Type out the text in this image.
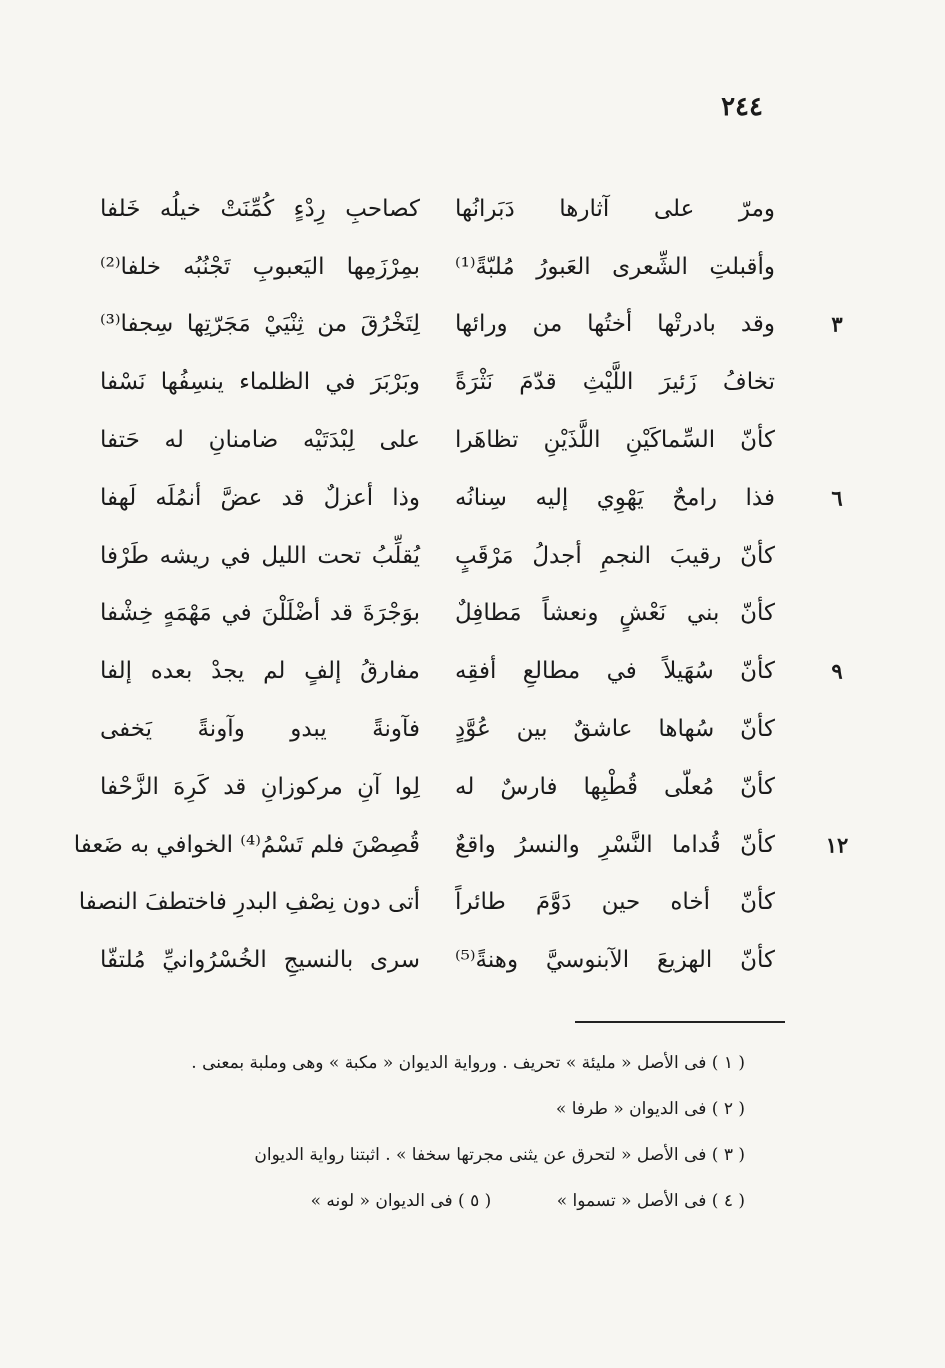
٢٤٤
ومرّ على آثارها دَبَرانُها
كصاحبِ رِدْءٍ كُمِّنَتْ خيلُه خَلفا
وأقبلتِ الشِّعرى العَبورُ مُلبّةً⁽¹⁾
بمِرْزَمِها اليَعبوبِ تَجْنُبُه خلفا⁽²⁾
٣
وقد بادرتْها أختُها من ورائها
لِتَخْرُقَ من ثِنْيَيْ مَجَرّتِها سِجفا⁽³⁾
تخافُ زَئيرَ اللَّيْثِ قدّمَ نَثْرَةً
وبَرْبَرَ في الظلماء ينسِفُها نَسْفا
كأنّ السِّماكَيْنِ اللَّذَيْنِ تظاهَرا
على لِبْدَتَيْه ضامنانِ له حَتفا
٦
فذا رامحٌ يَهْوِي إليه سِنانُه
وذا أعزلٌ قد عضَّ أنمُلَه لَهفا
كأنّ رقيبَ النجمِ أجدلُ مَرْقَبٍ
يُقلِّبُ تحت الليل في ريشه طَرْفا
كأنّ بني نَعْشٍ ونعشاً مَطافِلٌ
بوَجْرَةَ قد أضْلَلْنَ في مَهْمَهٍ خِشْفا
٩
كأنّ سُهَيلاً في مطالعِ أفقِه
مفارقُ إلفٍ لم يجدْ بعده إلفا
كأنّ سُهاها عاشقٌ بين عُوَّدٍ
فآونةً يبدو وآونةً يَخفى
كأنّ مُعلّى قُطْبِها فارسٌ له
لِوا آنِ مركوزانِ قد كَرِهَ الزَّحْفا
١٢
كأنّ قُداما النَّسْرِ والنسرُ واقعٌ
قُصِصْنَ فلم تَسْمُ⁽⁴⁾ الخوافي به ضَعفا
كأنّ أخاه حين دَوَّمَ طائراً
أتى دون نِصْفِ البدرِ فاختطفَ النصفا
كأنّ الهزيعَ الآبنوسيَّ وهنةً⁽⁵⁾
سرى بالنسيجِ الخُسْرُوانيِّ مُلتفّا
( ١ ) فى الأصل « مليئة » تحريف . ورواية الديوان « مكبة » وهى وملبة بمعنى .
( ٢ ) فى الديوان « طرفا »
( ٣ ) فى الأصل « لتحرق عن يثنى مجرتها سخفا » . اثبتنا رواية الديوان
( ٤ ) فى الأصل « تسموا » ( ٥ ) فى الديوان « لونه »
